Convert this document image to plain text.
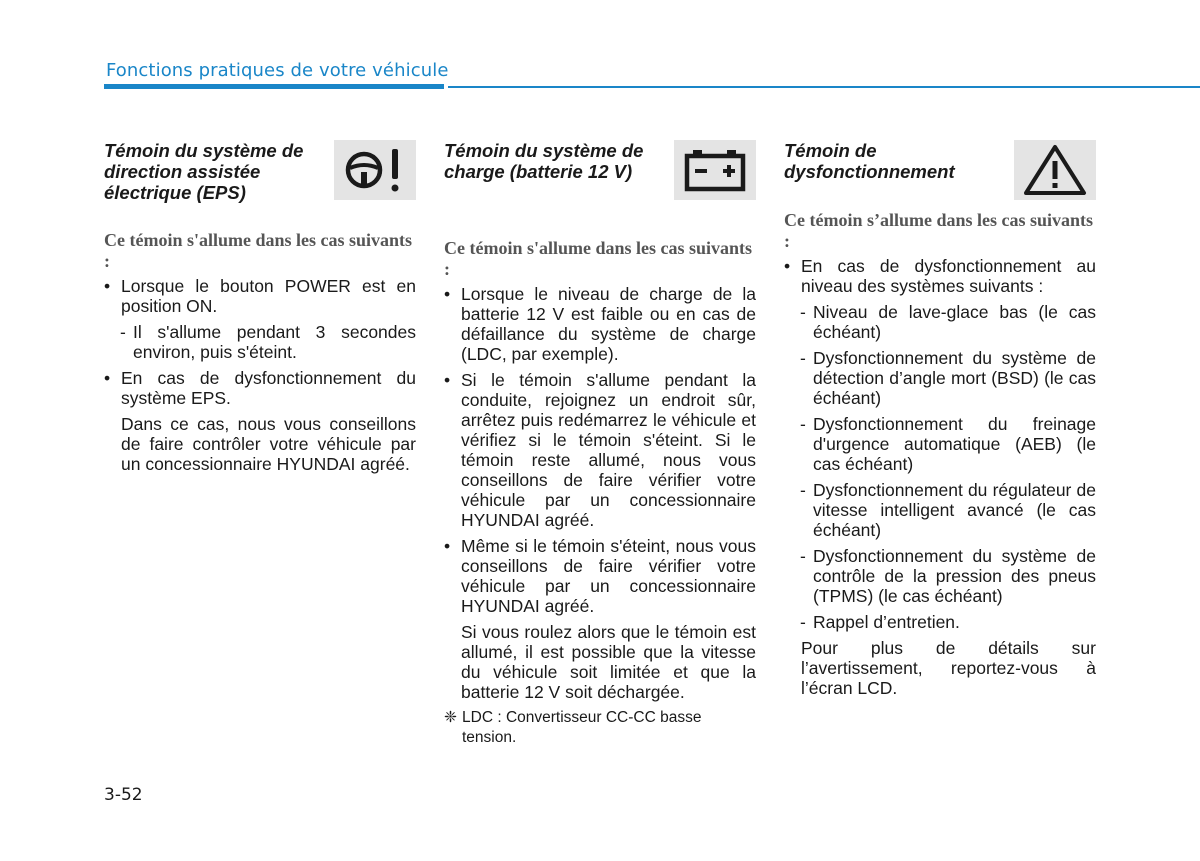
Fonctions pratiques de votre véhicule
Témoin du système de direction assistée électrique (EPS)

Ce témoin s'allume dans les cas suivants :

• Lorsque le bouton POWER est en position ON.
- Il s'allume pendant 3 secondes environ, puis s'éteint.
• En cas de dysfonctionnement du système EPS.
Dans ce cas, nous vous conseillons de faire contrôler votre véhicule par un concessionnaire HYUNDAI agréé.
Témoin du système de charge (batterie 12 V)

Ce témoin s'allume dans les cas suivants :

• Lorsque le niveau de charge de la batterie 12 V est faible ou en cas de défaillance du système de charge (LDC, par exemple).
• Si le témoin s'allume pendant la conduite, rejoignez un endroit sûr, arrêtez puis redémarrez le véhicule et vérifiez si le témoin s'éteint. Si le témoin reste allumé, nous vous conseillons de faire vérifier votre véhicule par un concessionnaire HYUNDAI agréé.
• Même si le témoin s'éteint, nous vous conseillons de faire vérifier votre véhicule par un concessionnaire HYUNDAI agréé.
Si vous roulez alors que le témoin est allumé, il est possible que la vitesse du véhicule soit limitée et que la batterie 12 V soit déchargée.
❈ LDC : Convertisseur CC-CC basse tension.
Témoin de dysfonctionnement

Ce témoin s’allume dans les cas suivants :

• En cas de dysfonctionnement au niveau des systèmes suivants :
- Niveau de lave-glace bas (le cas échéant)
- Dysfonctionnement du système de détection d’angle mort (BSD) (le cas échéant)
- Dysfonctionnement du freinage d'urgence automatique (AEB) (le cas échéant)
- Dysfonctionnement du régulateur de vitesse intelligent avancé (le cas échéant)
- Dysfonctionnement du système de contrôle de la pression des pneus (TPMS) (le cas échéant)
- Rappel d’entretien.
Pour plus de détails sur l’avertissement, reportez-vous à l’écran LCD.
3-52
